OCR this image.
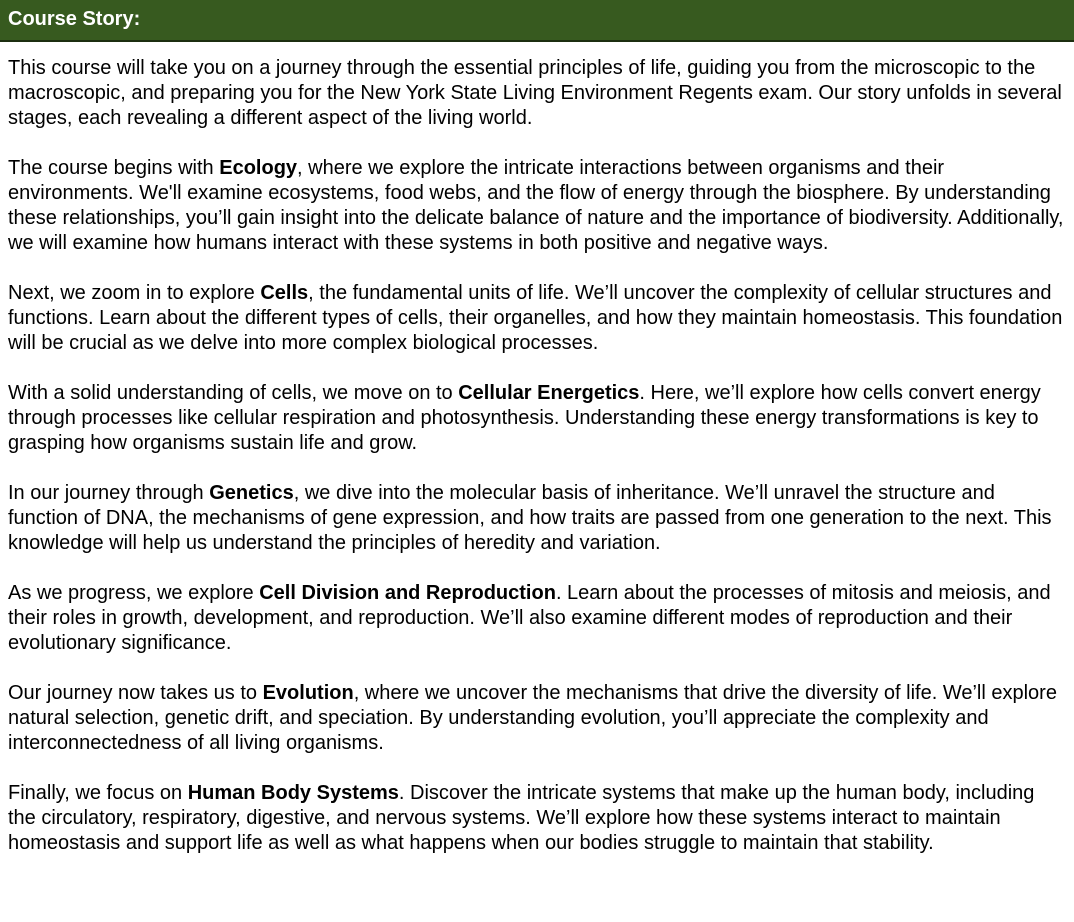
Course Story:

This course will take you on a journey through the essential principles of life, guiding you from the microscopic to the macroscopic, and preparing you for the New York State Living Environment Regents exam. Our story unfolds in several stages, each revealing a different aspect of the living world.

The course begins with Ecology, where we explore the intricate interactions between organisms and their environments. We'll examine ecosystems, food webs, and the flow of energy through the biosphere. By understanding these relationships, you’ll gain insight into the delicate balance of nature and the importance of biodiversity. Additionally, we will examine how humans interact with these systems in both positive and negative ways.

Next, we zoom in to explore Cells, the fundamental units of life. We’ll uncover the complexity of cellular structures and functions. Learn about the different types of cells, their organelles, and how they maintain homeostasis. This foundation will be crucial as we delve into more complex biological processes.

With a solid understanding of cells, we move on to Cellular Energetics. Here, we’ll explore how cells convert energy through processes like cellular respiration and photosynthesis. Understanding these energy transformations is key to grasping how organisms sustain life and grow.

In our journey through Genetics, we dive into the molecular basis of inheritance. We’ll unravel the structure and function of DNA, the mechanisms of gene expression, and how traits are passed from one generation to the next. This knowledge will help us understand the principles of heredity and variation.

As we progress, we explore Cell Division and Reproduction. Learn about the processes of mitosis and meiosis, and their roles in growth, development, and reproduction. We’ll also examine different modes of reproduction and their evolutionary significance.

Our journey now takes us to Evolution, where we uncover the mechanisms that drive the diversity of life. We’ll explore natural selection, genetic drift, and speciation. By understanding evolution, you’ll appreciate the complexity and interconnectedness of all living organisms.

Finally, we focus on Human Body Systems. Discover the intricate systems that make up the human body, including the circulatory, respiratory, digestive, and nervous systems. We’ll explore how these systems interact to maintain homeostasis and support life as well as what happens when our bodies struggle to maintain that stability.
